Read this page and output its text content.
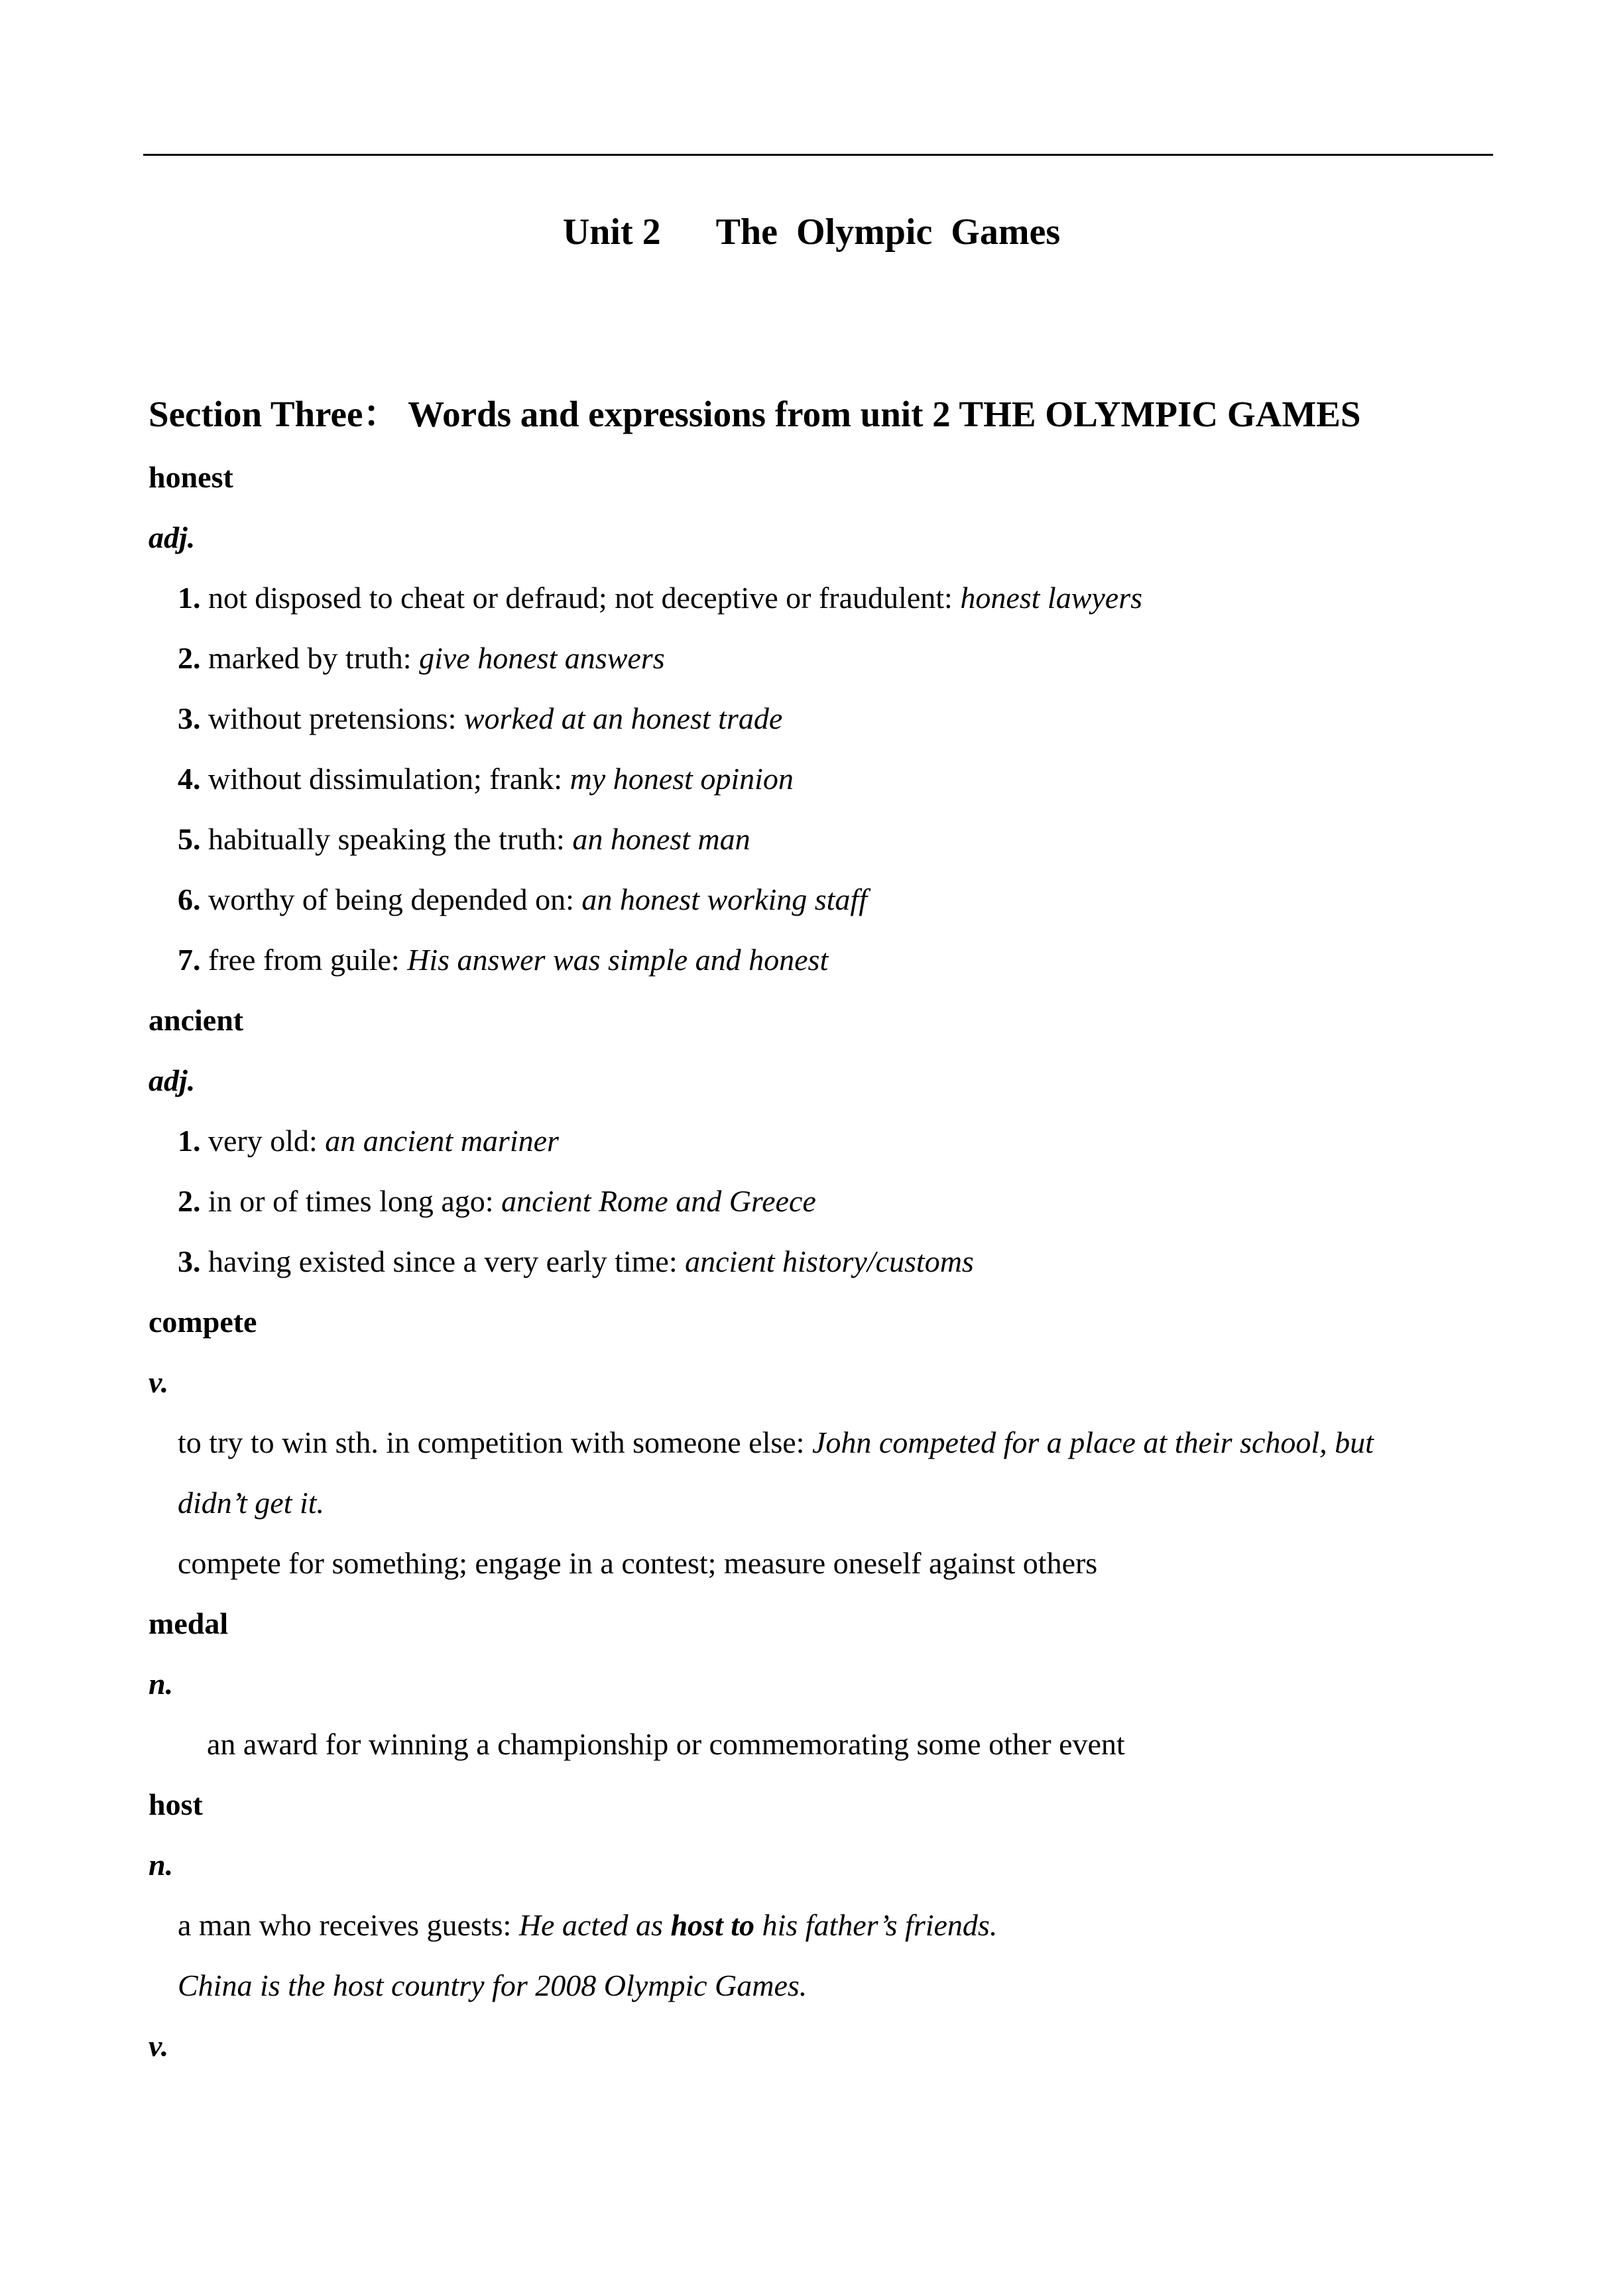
Unit 2      The  Olympic  Games
Section Three： Words and expressions from unit 2 THE OLYMPIC GAMES
honest
adj.
1. not disposed to cheat or defraud; not deceptive or fraudulent: honest lawyers
2. marked by truth: give honest answers
3. without pretensions: worked at an honest trade
4. without dissimulation; frank: my honest opinion
5. habitually speaking the truth: an honest man
6. worthy of being depended on: an honest working staff
7. free from guile: His answer was simple and honest
ancient
adj.
1. very old: an ancient mariner
2. in or of times long ago: ancient Rome and Greece
3. having existed since a very early time: ancient history/customs
compete
v.
to try to win sth. in competition with someone else: John competed for a place at their school, but
didn’t get it.
compete for something; engage in a contest; measure oneself against others
medal
n.
an award for winning a championship or commemorating some other event
host
n.
a man who receives guests: He acted as host to his father’s friends.
China is the host country for 2008 Olympic Games.
v.
